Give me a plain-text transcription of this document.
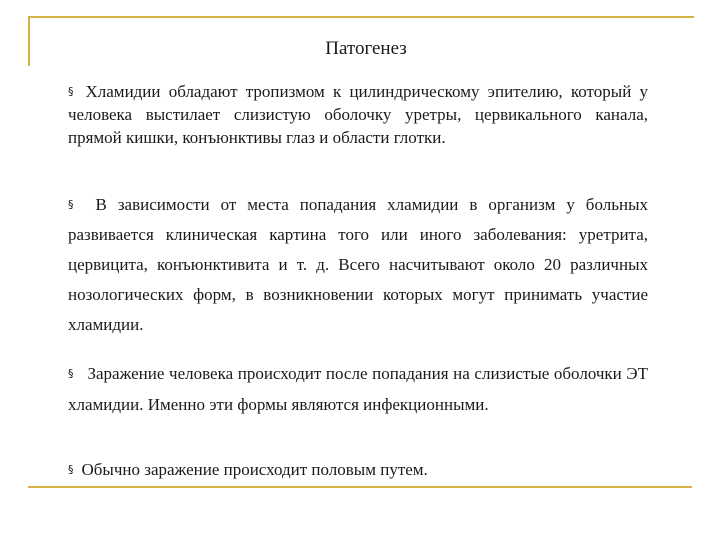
Патогенез
§ Хламидии обладают тропизмом к цилиндрическому эпителию, который у человека выстилает слизистую оболочку уретры, цервикального канала, прямой кишки, конъюнктивы глаз и области глотки.
§ В зависимости от места попадания хламидии в организм у больных развивается клиническая картина того или иного заболевания: уретрита, цервицита, конъюнктивита и т. д. Всего насчитывают около 20 различных нозологических форм, в возникновении которых могут принимать участие хламидии.
§ Заражение человека происходит после попадания на слизистые оболочки ЭТ хламидии. Именно эти формы являются инфекционными.
§ Обычно заражение происходит половым путем.
